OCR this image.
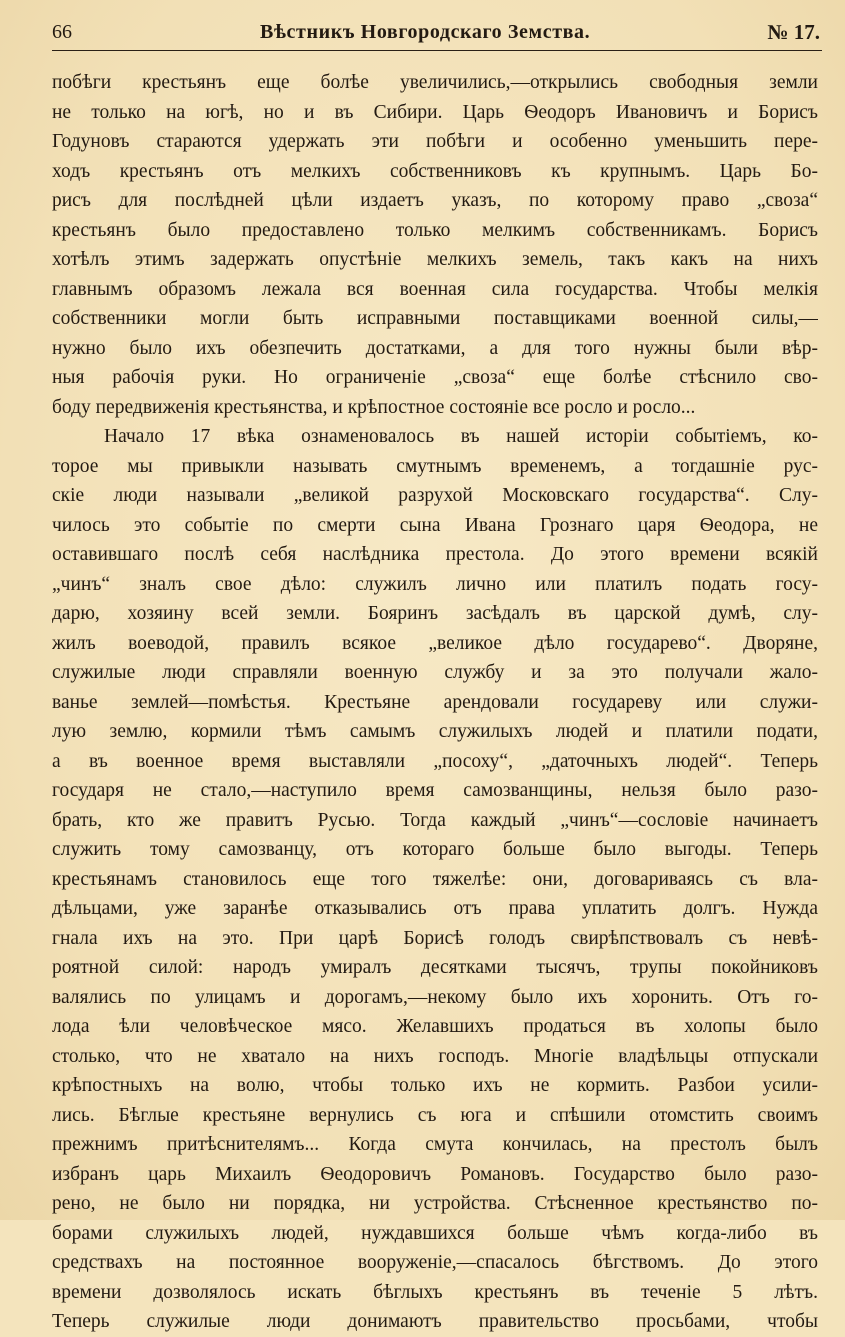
66	Вѣстникъ Новгородскаго Земства.	№ 17.
побѣги крестьянъ еще болѣе увеличились,—открылись свободныя земли
не только на югѣ, но и въ Сибири. Царь Ѳеодоръ Ивановичъ и Борисъ
Годуновъ стараются удержать эти побѣги и особенно уменьшить пере-
ходъ крестьянъ отъ мелкихъ собственниковъ къ крупнымъ. Царь Бо-
рисъ для послѣдней цѣли издаетъ указъ, по которому право „своза“
крестьянъ было предоставлено только мелкимъ собственникамъ. Борисъ
хотѣлъ этимъ задержать опустѣніе мелкихъ земель, такъ какъ на нихъ
главнымъ образомъ лежала вся военная сила государства. Чтобы мелкія
собственники могли быть исправными поставщиками военной силы,—
нужно было ихъ обезпечить достатками, а для того нужны были вѣр-
ныя рабочія руки. Но ограниченіе „своза“ еще болѣе стѣснило сво-
боду передвиженія крестьянства, и крѣпостное состояніе все росло и росло...
Начало 17 вѣка ознаменовалось въ нашей исторіи событіемъ, ко-
торое мы привыкли называть смутнымъ временемъ, а тогдашніе рус-
скіе люди называли „великой разрухой Московскаго государства“. Слу-
чилось это событіе по смерти сына Ивана Грознаго царя Ѳеодора, не
оставившаго послѣ себя наслѣдника престола. До этого времени всякій
„чинъ“ зналъ свое дѣло: служилъ лично или платилъ подать госу-
дарю, хозяину всей земли. Бояринъ засѣдалъ въ царской думѣ, слу-
жилъ воеводой, правилъ всякое „великое дѣло государево“. Дворяне,
служилые люди справляли военную службу и за это получали жало-
ванье землей—помѣстья. Крестьяне арендовали государеву или служи-
лую землю, кормили тѣмъ самымъ служилыхъ людей и платили подати,
а въ военное время выставляли „посоху“, „даточныхъ людей“. Теперь
государя не стало,—наступило время самозванщины, нельзя было разо-
брать, кто же правитъ Русью. Тогда каждый „чинъ“—сословіе начинаетъ
служить тому самозванцу, отъ котораго больше было выгоды. Теперь
крестьянамъ становилось еще того тяжелѣе: они, договариваясь съ вла-
дѣльцами, уже заранѣе отказывались отъ права уплатить долгъ. Нужда
гнала ихъ на это. При царѣ Борисѣ голодъ свирѣпствовалъ съ невѣ-
роятной силой: народъ умиралъ десятками тысячъ, трупы покойниковъ
валялись по улицамъ и дорогамъ,—некому было ихъ хоронить. Отъ го-
лода ѣли человѣческое мясо. Желавшихъ продаться въ холопы было
столько, что не хватало на нихъ господъ. Многіе владѣльцы отпускали
крѣпостныхъ на волю, чтобы только ихъ не кормить. Разбои усили-
лись. Бѣглые крестьяне вернулись съ юга и спѣшили отомстить своимъ
прежнимъ притѣснителямъ... Когда смута кончилась, на престолъ былъ
избранъ царь Михаилъ Ѳеодоровичъ Романовъ. Государство было разо-
рено, не было ни порядка, ни устройства. Стѣсненное крестьянство по-
борами служилыхъ людей, нуждавшихся больше чѣмъ когда-либо въ
средствахъ на постоянное вооруженіе,—спасалось бѣгствомъ. До этого
времени дозволялось искать бѣглыхъ крестьянъ въ теченіе 5 лѣтъ.
Теперь служилые люди донимаютъ правительство просьбами, чтобы
